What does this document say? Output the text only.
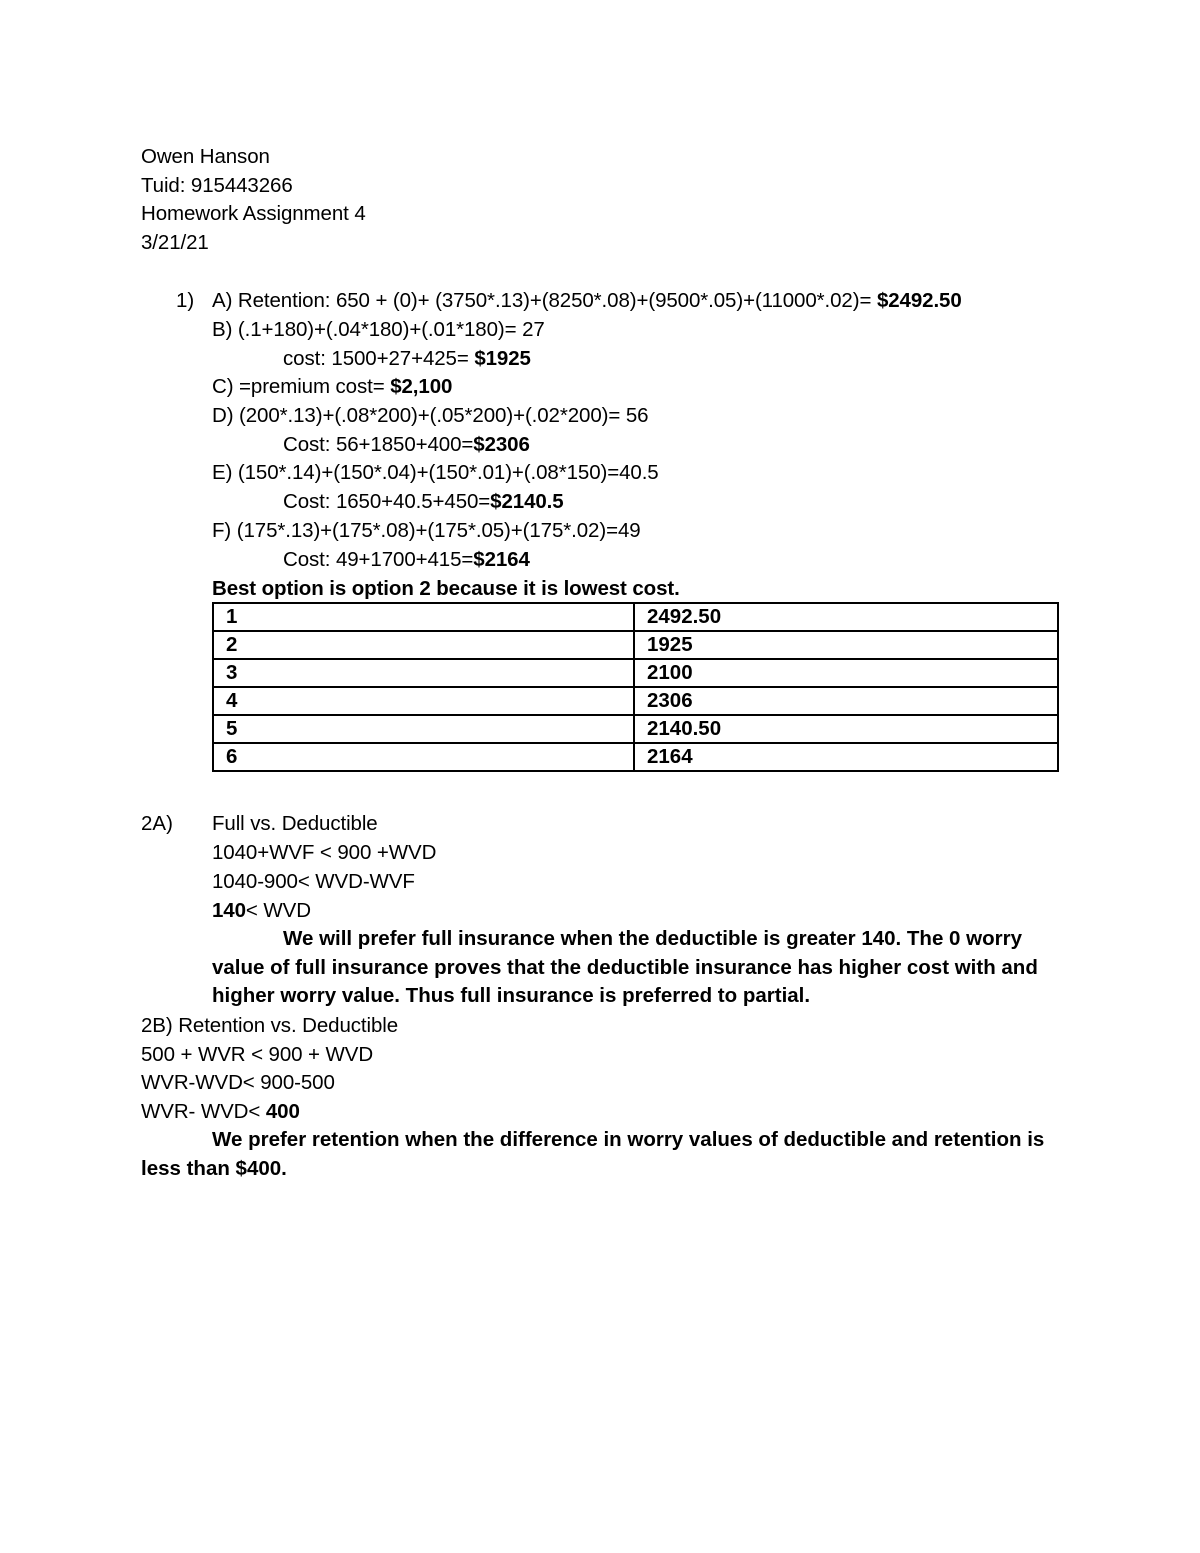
Owen Hanson
Tuid: 915443266
Homework Assignment 4
3/21/21
1) A) Retention: 650 + (0)+ (3750*.13)+(8250*.08)+(9500*.05)+(11000*.02)= $2492.50
B) (.1+180)+(.04*180)+(.01*180)= 27
cost: 1500+27+425= $1925
C) =premium cost= $2,100
D) (200*.13)+(.08*200)+(.05*200)+(.02*200)= 56
Cost: 56+1850+400=$2306
E) (150*.14)+(150*.04)+(150*.01)+(.08*150)=40.5
Cost: 1650+40.5+450=$2140.5
F) (175*.13)+(175*.08)+(175*.05)+(175*.02)=49
Cost: 49+1700+415=$2164
Best option is option 2 because it is lowest cost.
1	2492.50
2	1925
3	2100
4	2306
5	2140.50
6	2164
2A) Full vs. Deductible
1040+WVF < 900 +WVD
1040-900< WVD-WVF
140< WVD
We will prefer full insurance when the deductible is greater 140. The 0 worry value of full insurance proves that the deductible insurance has higher cost with and higher worry value. Thus full insurance is preferred to partial.
2B) Retention vs. Deductible
500 + WVR < 900 + WVD
WVR-WVD< 900-500
WVR- WVD< 400
We prefer retention when the difference in worry values of deductible and retention is less than $400.
